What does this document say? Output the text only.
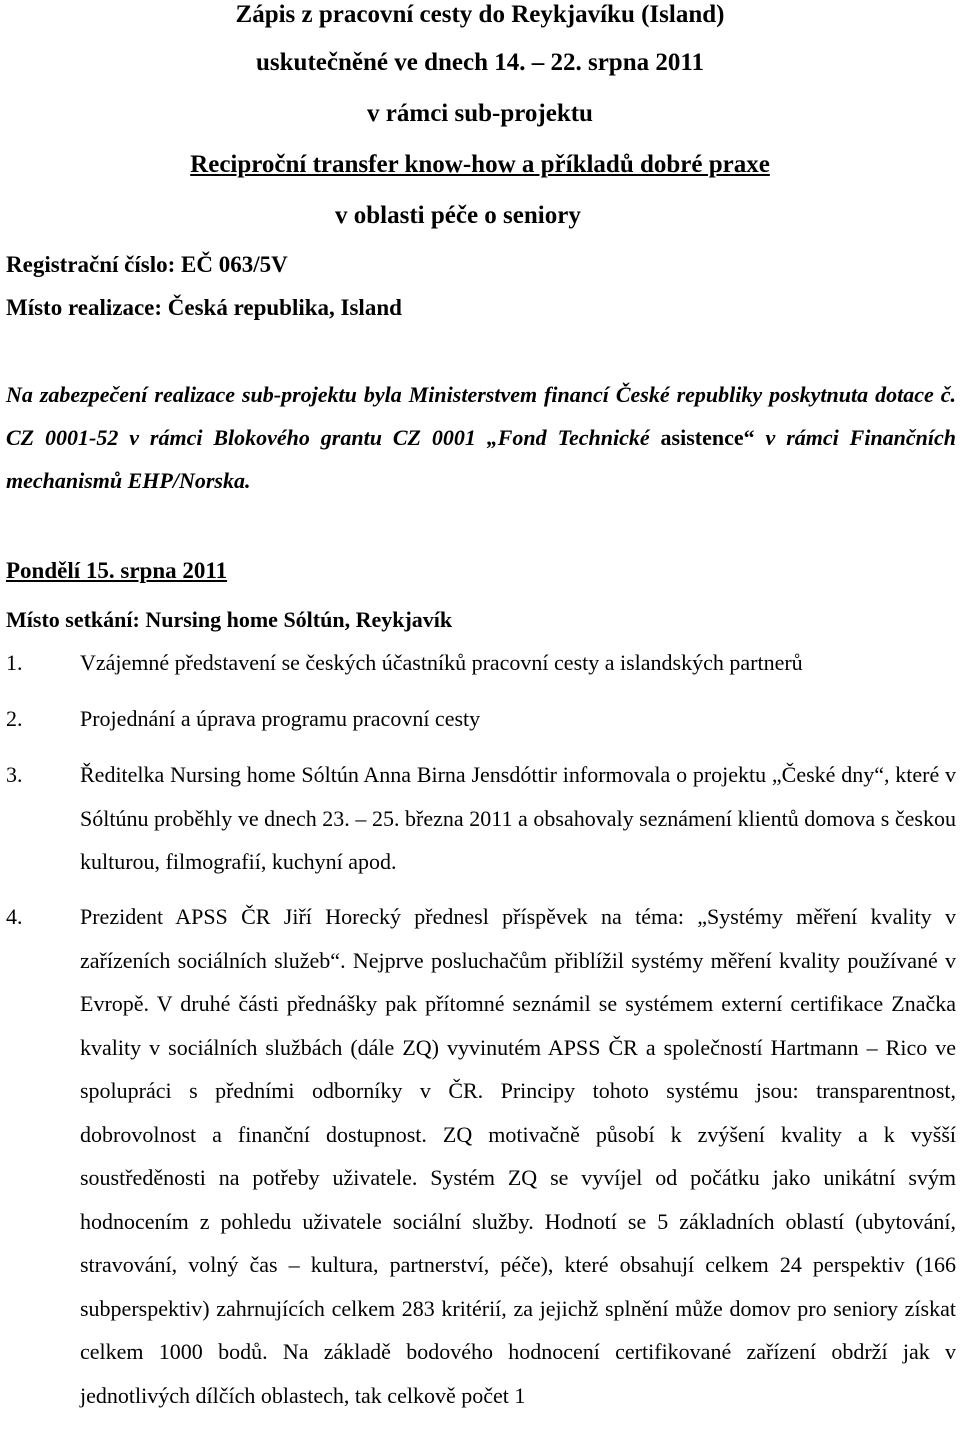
Zápis z pracovní cesty do Reykjavíku (Island)
uskutečněné ve dnech 14. – 22. srpna 2011
v rámci sub-projektu
Reciproční transfer know-how a příkladů dobré praxe
v oblasti péče o seniory
Registrační číslo: EČ 063/5V
Místo realizace: Česká republika, Island
Na zabezpečení realizace sub-projektu byla Ministerstvem financí České republiky poskytnuta dotace č. CZ 0001-52 v rámci Blokového grantu CZ 0001 „Fond Technické asistence“ v rámci Finančních mechanismů EHP/Norska.
Pondělí 15. srpna 2011
Místo setkání: Nursing home Sóltún, Reykjavík
1.	Vzájemné představení se českých účastníků pracovní cesty a islandských partnerů
2.	Projednání a úprava programu pracovní cesty
3.	Ředitelka Nursing home Sóltún Anna Birna Jensdóttir informovala o projektu „České dny“, které v Sóltúnu proběhly ve dnech 23. – 25. března 2011 a obsahovaly seznámení klientů domova s českou kulturou, filmografií, kuchyní apod.
4.	Prezident APSS ČR Jiří Horecký přednesl příspěvek na téma: „Systémy měření kvality v zařízeních sociálních služeb“. Nejprve posluchačům přiblížil systémy měření kvality používané v Evropě. V druhé části přednášky pak přítomné seznámil se systémem externí certifikace Značka kvality v sociálních službách (dále ZQ) vyvinutém APSS ČR a společností Hartmann – Rico ve spolupráci s předními odborníky v ČR. Principy tohoto systému jsou: transparentnost, dobrovolnost a finanční dostupnost. ZQ motivačně působí k zvýšení kvality a k vyšší soustředěnosti na potřeby uživatele. Systém ZQ se vyvíjel od počátku jako unikátní svým hodnocením z pohledu uživatele sociální služby. Hodnotí se 5 základních oblastí (ubytování, stravování, volný čas – kultura, partnerství, péče), které obsahují celkem 24 perspektiv (166 subperspektiv) zahrnujících celkem 283 kritérií, za jejichž splnění může domov pro seniory získat celkem 1000 bodů. Na základě bodového hodnocení certifikované zařízení obdrží jak v jednotlivých dílčích oblastech, tak celkově počet 1
